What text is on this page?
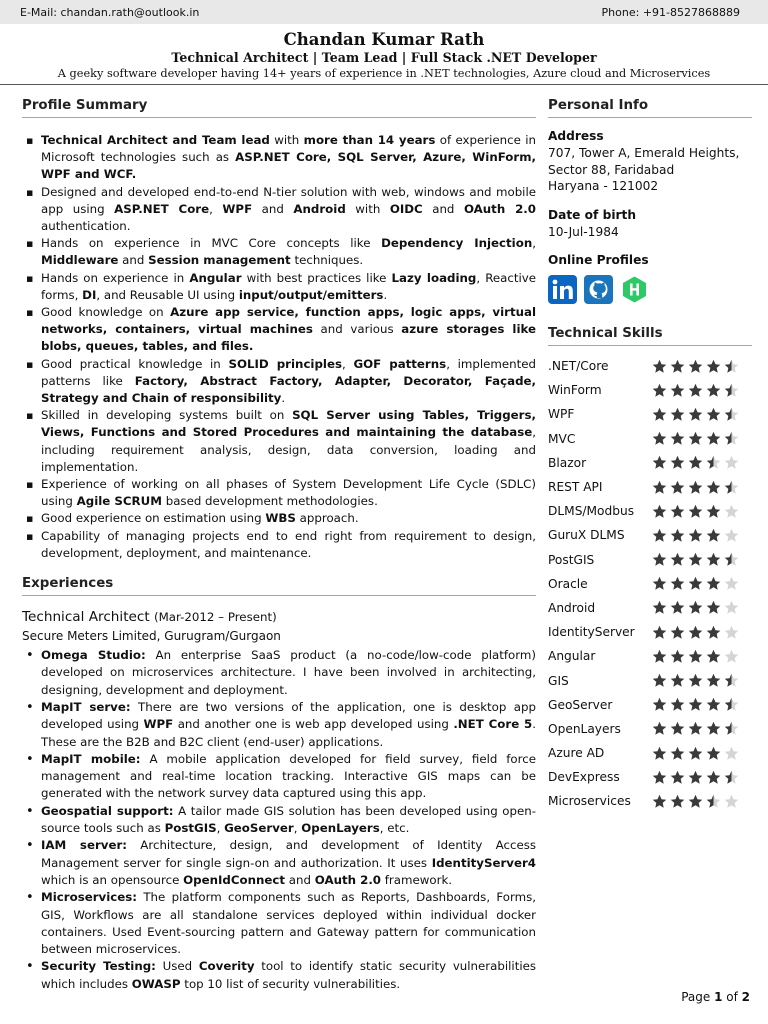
E-Mail: chandan.rath@outlook.in	Phone: +91-8527868889
Chandan Kumar Rath
Technical Architect | Team Lead | Full Stack .NET Developer
A geeky software developer having 14+ years of experience in .NET technologies, Azure cloud and Microservices
Profile Summary
▪ Technical Architect and Team lead with more than 14 years of experience in Microsoft technologies such as ASP.NET Core, SQL Server, Azure, WinForm, WPF and WCF.
▪ Designed and developed end-to-end N-tier solution with web, windows and mobile app using ASP.NET Core, WPF and Android with OIDC and OAuth 2.0 authentication.
▪ Hands on experience in MVC Core concepts like Dependency Injection, Middleware and Session management techniques.
▪ Hands on experience in Angular with best practices like Lazy loading, Reactive forms, DI, and Reusable UI using input/output/emitters.
▪ Good knowledge on Azure app service, function apps, logic apps, virtual networks, containers, virtual machines and various azure storages like blobs, queues, tables, and files.
▪ Good practical knowledge in SOLID principles, GOF patterns, implemented patterns like Factory, Abstract Factory, Adapter, Decorator, Façade, Strategy and Chain of responsibility.
▪ Skilled in developing systems built on SQL Server using Tables, Triggers, Views, Functions and Stored Procedures and maintaining the database, including requirement analysis, design, data conversion, loading and implementation.
▪ Experience of working on all phases of System Development Life Cycle (SDLC) using Agile SCRUM based development methodologies.
▪ Good experience on estimation using WBS approach.
▪ Capability of managing projects end to end right from requirement to design, development, deployment, and maintenance.
Experiences
Technical Architect (Mar-2012 – Present)
Secure Meters Limited, Gurugram/Gurgaon
• Omega Studio: An enterprise SaaS product (a no-code/low-code platform) developed on microservices architecture. I have been involved in architecting, designing, development and deployment.
• MapIT serve: There are two versions of the application, one is desktop app developed using WPF and another one is web app developed using .NET Core 5. These are the B2B and B2C client (end-user) applications.
• MapIT mobile: A mobile application developed for field survey, field force management and real-time location tracking. Interactive GIS maps can be generated with the network survey data captured using this app.
• Geospatial support: A tailor made GIS solution has been developed using open-source tools such as PostGIS, GeoServer, OpenLayers, etc.
• IAM server: Architecture, design, and development of Identity Access Management server for single sign-on and authorization. It uses IdentityServer4 which is an opensource OpenIdConnect and OAuth 2.0 framework.
• Microservices: The platform components such as Reports, Dashboards, Forms, GIS, Workflows are all standalone services deployed within individual docker containers. Used Event-sourcing pattern and Gateway pattern for communication between microservices.
• Security Testing: Used Coverity tool to identify static security vulnerabilities which includes OWASP top 10 list of security vulnerabilities.
Personal Info
Address
707, Tower A, Emerald Heights,
Sector 88, Faridabad
Haryana - 121002
Date of birth
10-Jul-1984
Online Profiles
Technical Skills
.NET/Core
WinForm
WPF
MVC
Blazor
REST API
DLMS/Modbus
GuruX DLMS
PostGIS
Oracle
Android
IdentityServer
Angular
GIS
GeoServer
OpenLayers
Azure AD
DevExpress
Microservices
Page 1 of 2
